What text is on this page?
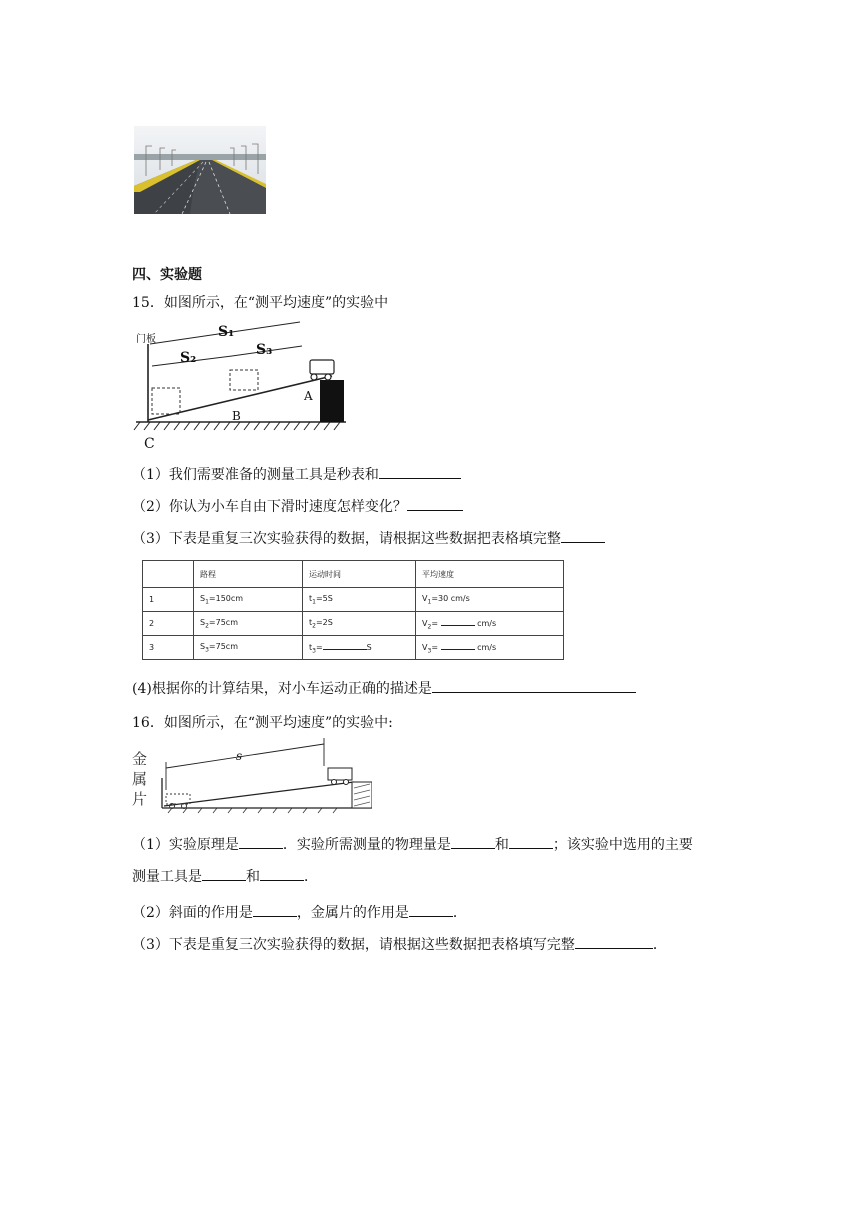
四、实验题
15．如图所示，在“测平均速度”的实验中
门板	S₁
S₂	S₃
A
B
C
（1）我们需要准备的测量工具是秒表和
（2）你认为小车自由下滑时速度怎样变化？
（3）下表是重复三次实验获得的数据，请根据这些数据把表格填完整
	路程	运动时间	平均速度
1	$S_1=150cm$	$t_1=5S$	$V_1=30$ cm/s
2	$S_2=75cm$	$t_2=2S$	$V_2= cm/s$
3	$S_3=75cm$	$t_3= S$	$V_3= cm/s$
(4)根据你的计算结果，对小车运动正确的描述是
16．如图所示，在“测平均速度”的实验中:
金
属
片
s
（1）实验原理是	．实验所需测量的物理量是	和	；该实验中选用的主要
测量工具是	和	．
（2）斜面的作用是	，金属片的作用是	．
（3）下表是重复三次实验获得的数据，请根据这些数据把表格填写完整	．
